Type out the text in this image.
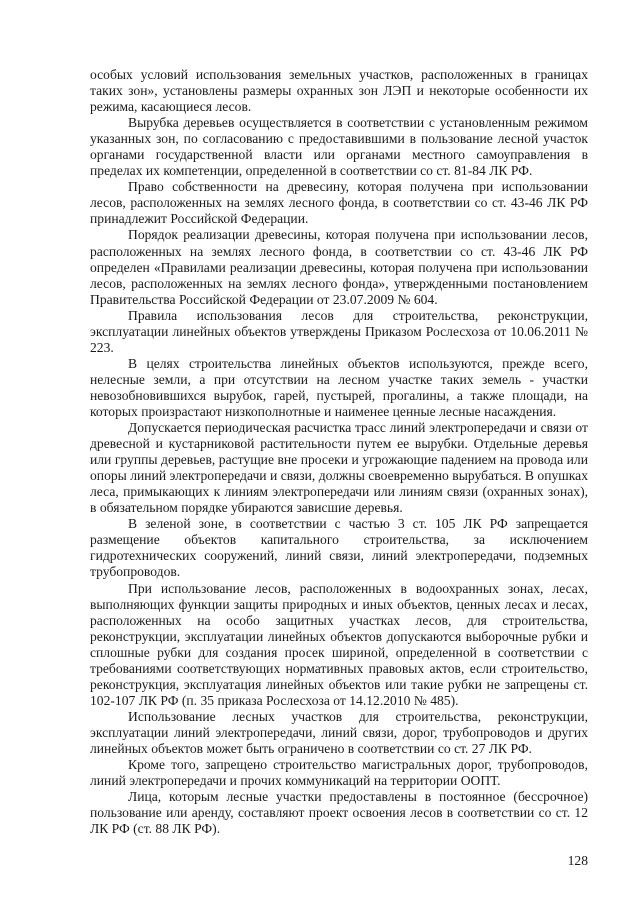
особых условий использования земельных участков, расположенных в границах таких зон», установлены размеры охранных зон ЛЭП и некоторые особенности их режима, касающиеся лесов.

Вырубка деревьев осуществляется в соответствии с установленным режимом указанных зон, по согласованию с предоставившими в пользование лесной участок органами государственной власти или органами местного самоуправления в пределах их компетенции, определенной в соответствии со ст. 81-84 ЛК РФ.

Право собственности на древесину, которая получена при использовании лесов, расположенных на землях лесного фонда, в соответствии со ст. 43-46 ЛК РФ принадлежит Российской Федерации.

Порядок реализации древесины, которая получена при использовании лесов, расположенных на землях лесного фонда, в соответствии со ст. 43-46 ЛК РФ определен «Правилами реализации древесины, которая получена при использовании лесов, расположенных на землях лесного фонда», утвержденными постановлением Правительства Российской Федерации от 23.07.2009 № 604.

Правила использования лесов для строительства, реконструкции, эксплуатации линейных объектов утверждены Приказом Рослесхоза от 10.06.2011 № 223.

В целях строительства линейных объектов используются, прежде всего, нелесные земли, а при отсутствии на лесном участке таких земель - участки невозобновившихся вырубок, гарей, пустырей, прогалины, а также площади, на которых произрастают низкополнотные и наименее ценные лесные насаждения.

Допускается периодическая расчистка трасс линий электропередачи и связи от древесной и кустарниковой растительности путем ее вырубки. Отдельные деревья или группы деревьев, растущие вне просеки и угрожающие падением на провода или опоры линий электропередачи и связи, должны своевременно вырубаться. В опушках леса, примыкающих к линиям электропередачи или линиям связи (охранных зонах), в обязательном порядке убираются зависшие деревья.

В зеленой зоне, в соответствии с частью 3 ст. 105 ЛК РФ запрещается размещение объектов капитального строительства, за исключением гидротехнических сооружений, линий связи, линий электропередачи, подземных трубопроводов.

При использование лесов, расположенных в водоохранных зонах, лесах, выполняющих функции защиты природных и иных объектов, ценных лесах и лесах, расположенных на особо защитных участках лесов, для строительства, реконструкции, эксплуатации линейных объектов допускаются выборочные рубки и сплошные рубки для создания просек шириной, определенной в соответствии с требованиями соответствующих нормативных правовых актов, если строительство, реконструкция, эксплуатация линейных объектов или такие рубки не запрещены ст. 102-107 ЛК РФ (п. 35 приказа Рослесхоза от 14.12.2010 № 485).

Использование лесных участков для строительства, реконструкции, эксплуатации линий электропередачи, линий связи, дорог, трубопроводов и других линейных объектов может быть ограничено в соответствии со ст. 27 ЛК РФ.

Кроме того, запрещено строительство магистральных дорог, трубопроводов, линий электропередачи и прочих коммуникаций на территории ООПТ.

Лица, которым лесные участки предоставлены в постоянное (бессрочное) пользование или аренду, составляют проект освоения лесов в соответствии со ст. 12 ЛК РФ (ст. 88 ЛК РФ).

128
